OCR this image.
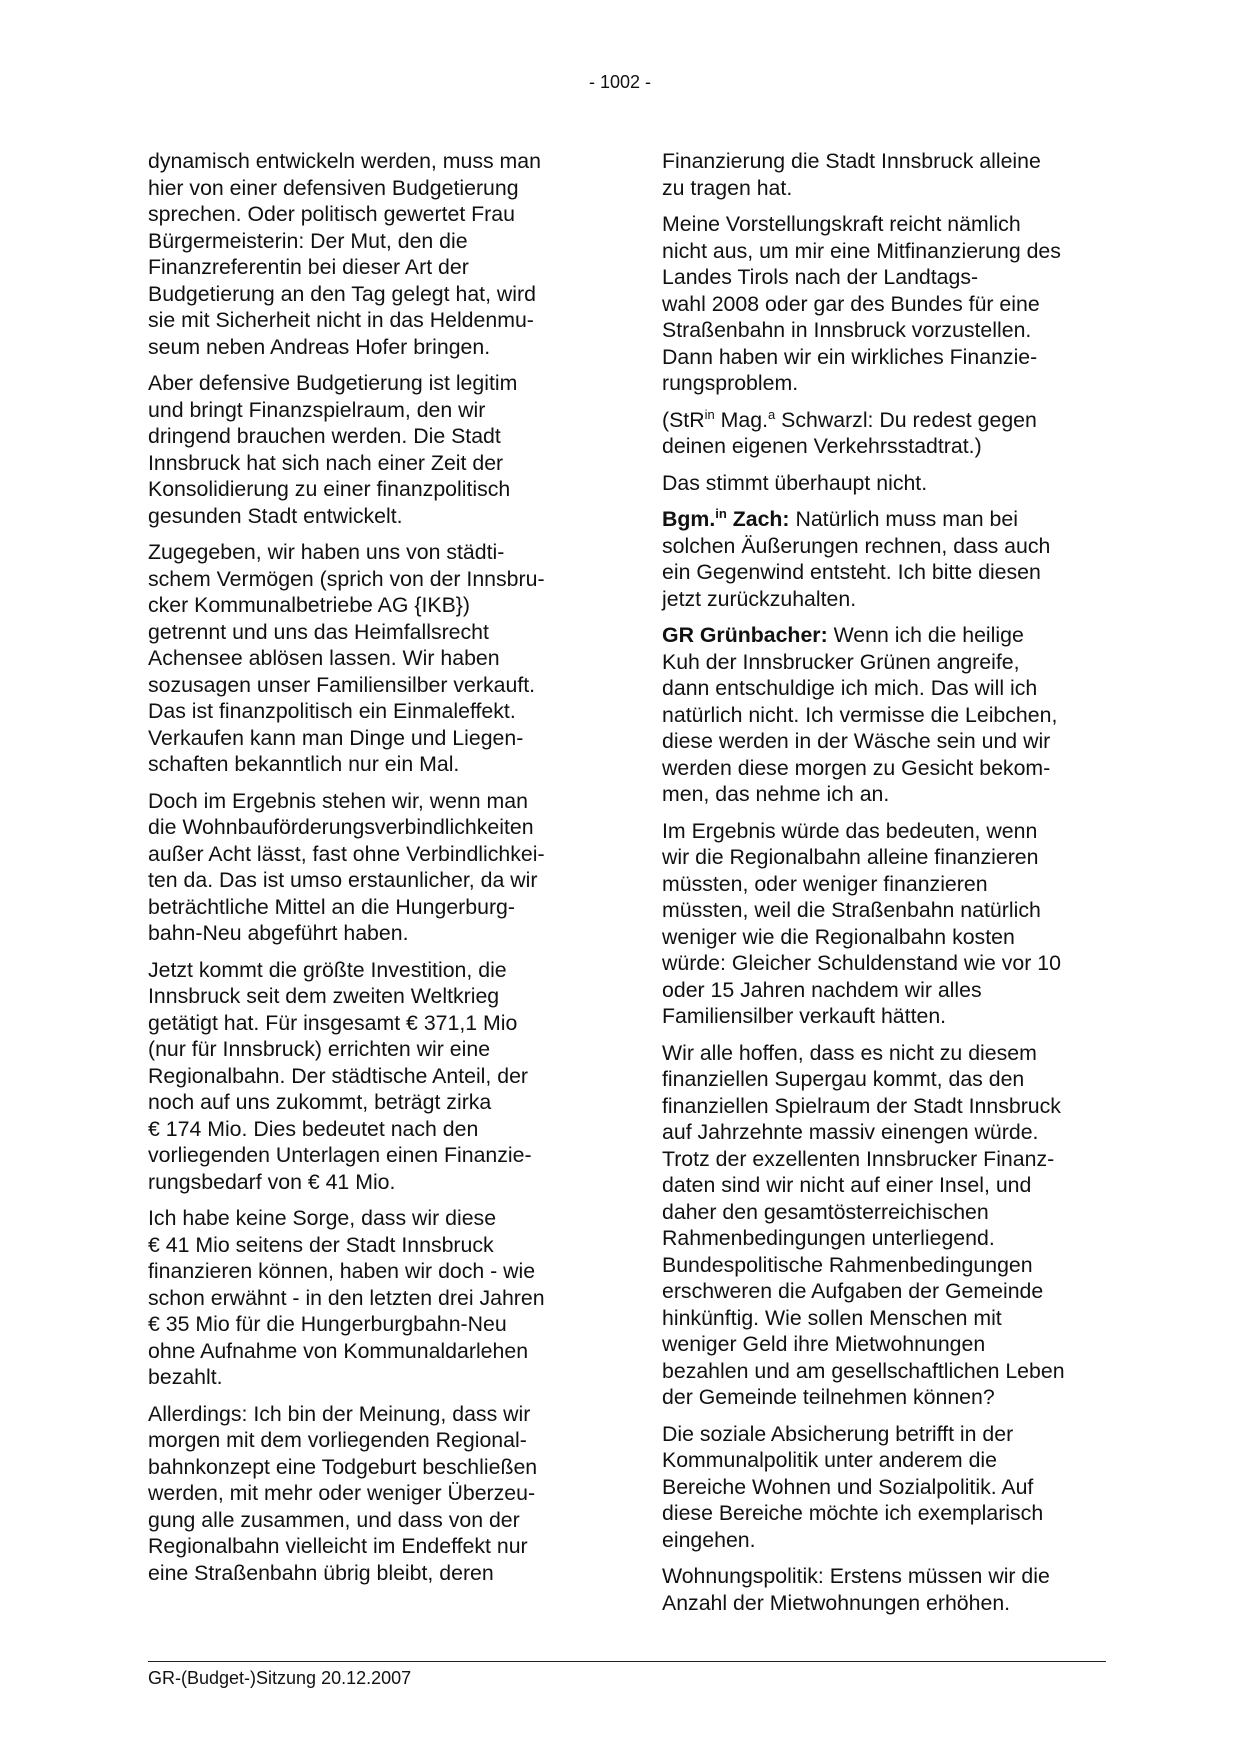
- 1002 -

dynamisch entwickeln werden, muss man
hier von einer defensiven Budgetierung
sprechen. Oder politisch gewertet Frau
Bürgermeisterin: Der Mut, den die
Finanzreferentin bei dieser Art der
Budgetierung an den Tag gelegt hat, wird
sie mit Sicherheit nicht in das Heldenmu-
seum neben Andreas Hofer bringen.

Aber defensive Budgetierung ist legitim
und bringt Finanzspielraum, den wir
dringend brauchen werden. Die Stadt
Innsbruck hat sich nach einer Zeit der
Konsolidierung zu einer finanzpolitisch
gesunden Stadt entwickelt.

Zugegeben, wir haben uns von städti-
schem Vermögen (sprich von der Innsbru-
cker Kommunalbetriebe AG {IKB})
getrennt und uns das Heimfallsrecht
Achensee ablösen lassen. Wir haben
sozusagen unser Familiensilber verkauft.
Das ist finanzpolitisch ein Einmaleffekt.
Verkaufen kann man Dinge und Liegen-
schaften bekanntlich nur ein Mal.

Doch im Ergebnis stehen wir, wenn man
die Wohnbauförderungsverbindlichkeiten
außer Acht lässt, fast ohne Verbindlichkei-
ten da. Das ist umso erstaunlicher, da wir
beträchtliche Mittel an die Hungerburg-
bahn-Neu abgeführt haben.

Jetzt kommt die größte Investition, die
Innsbruck seit dem zweiten Weltkrieg
getätigt hat. Für insgesamt € 371,1 Mio
(nur für Innsbruck) errichten wir eine
Regionalbahn. Der städtische Anteil, der
noch auf uns zukommt, beträgt zirka
€ 174 Mio. Dies bedeutet nach den
vorliegenden Unterlagen einen Finanzie-
rungsbedarf von € 41 Mio.

Ich habe keine Sorge, dass wir diese
€ 41 Mio seitens der Stadt Innsbruck
finanzieren können, haben wir doch - wie
schon erwähnt - in den letzten drei Jahren
€ 35 Mio für die Hungerburgbahn-Neu
ohne Aufnahme von Kommunaldarlehen
bezahlt.

Allerdings: Ich bin der Meinung, dass wir
morgen mit dem vorliegenden Regional-
bahnkonzept eine Todgeburt beschließen
werden, mit mehr oder weniger Überzeu-
gung alle zusammen, und dass von der
Regionalbahn vielleicht im Endeffekt nur
eine Straßenbahn übrig bleibt, deren

Finanzierung die Stadt Innsbruck alleine
zu tragen hat.

Meine Vorstellungskraft reicht nämlich
nicht aus, um mir eine Mitfinanzierung des
Landes Tirols nach der Landtags-
wahl 2008 oder gar des Bundes für eine
Straßenbahn in Innsbruck vorzustellen.
Dann haben wir ein wirkliches Finanzie-
rungsproblem.

(StR$^{in}$ Mag.$^a$ Schwarzl: Du redest gegen
deinen eigenen Verkehrsstadtrat.)

Das stimmt überhaupt nicht.

Bgm.$^{in}$ Zach: Natürlich muss man bei
solchen Äußerungen rechnen, dass auch
ein Gegenwind entsteht. Ich bitte diesen
jetzt zurückzuhalten.

GR Grünbacher: Wenn ich die heilige
Kuh der Innsbrucker Grünen angreife,
dann entschuldige ich mich. Das will ich
natürlich nicht. Ich vermisse die Leibchen,
diese werden in der Wäsche sein und wir
werden diese morgen zu Gesicht bekom-
men, das nehme ich an.

Im Ergebnis würde das bedeuten, wenn
wir die Regionalbahn alleine finanzieren
müssten, oder weniger finanzieren
müssten, weil die Straßenbahn natürlich
weniger wie die Regionalbahn kosten
würde: Gleicher Schuldenstand wie vor 10
oder 15 Jahren nachdem wir alles
Familiensilber verkauft hätten.

Wir alle hoffen, dass es nicht zu diesem
finanziellen Supergau kommt, das den
finanziellen Spielraum der Stadt Innsbruck
auf Jahrzehnte massiv einengen würde.
Trotz der exzellenten Innsbrucker Finanz-
daten sind wir nicht auf einer Insel, und
daher den gesamtösterreichischen
Rahmenbedingungen unterliegend.
Bundespolitische Rahmenbedingungen
erschweren die Aufgaben der Gemeinde
hinkünftig. Wie sollen Menschen mit
weniger Geld ihre Mietwohnungen
bezahlen und am gesellschaftlichen Leben
der Gemeinde teilnehmen können?

Die soziale Absicherung betrifft in der
Kommunalpolitik unter anderem die
Bereiche Wohnen und Sozialpolitik. Auf
diese Bereiche möchte ich exemplarisch
eingehen.

Wohnungspolitik: Erstens müssen wir die
Anzahl der Mietwohnungen erhöhen.

GR-(Budget-)Sitzung 20.12.2007
